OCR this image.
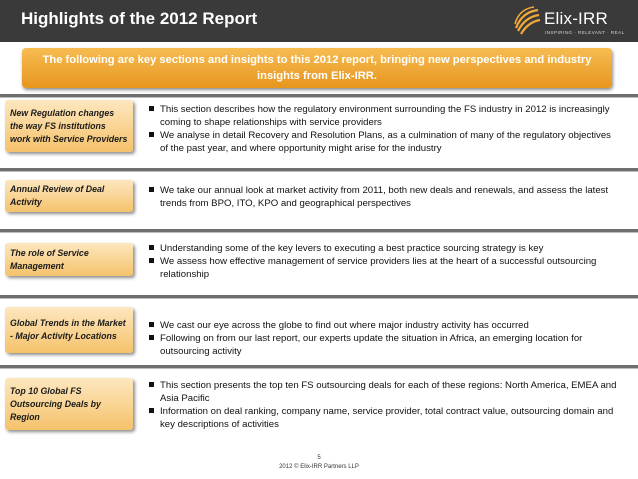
Highlights of the 2012 Report	Elix-IRR
INSPIRING · RELEVANT · REAL
The following are key sections and insights to this 2012 report, bringing new perspectives and industry insights from Elix-IRR.
New Regulation changes the way FS institutions work with Service Providers
This section describes how the regulatory environment surrounding the FS industry in 2012 is increasingly coming to shape relationships with service providers
We analyse in detail Recovery and Resolution Plans, as a culmination of many of the regulatory objectives of the past year, and where opportunity might arise for the industry
Annual Review of Deal Activity
We take our annual look at market activity from 2011, both new deals and renewals, and assess the latest trends from BPO, ITO, KPO and geographical perspectives
The role of Service Management
Understanding some of the key levers to executing a best practice sourcing strategy is key
We assess how effective management of service providers lies at the heart of a successful outsourcing relationship
Global Trends in the Market - Major Activity Locations
We cast our eye across the globe to find out where major industry activity has occurred
Following on from our last report, our experts update the situation in Africa, an emerging location for outsourcing activity
Top 10 Global FS Outsourcing Deals by Region
This section presents the top ten FS outsourcing deals for each of these regions: North America, EMEA and Asia Pacific
Information on deal ranking, company name, service provider, total contract value, outsourcing domain and key descriptions of activities
5
2012 © Elix-IRR Partners LLP
